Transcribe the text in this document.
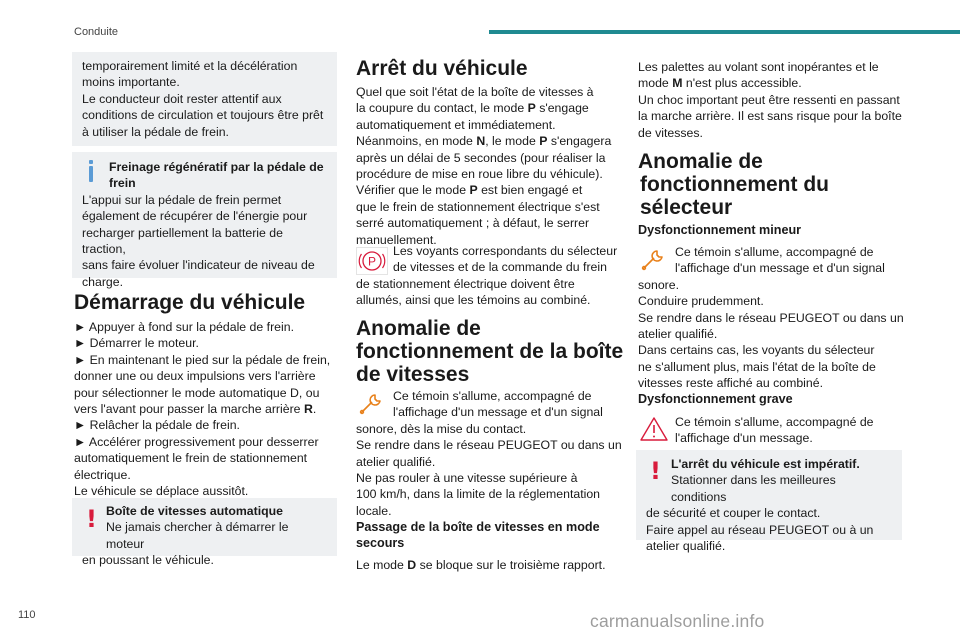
Conduite
110	carmanualsonline.info

temporairement limité et la décélération

moins importante.

Le conducteur doit rester attentif aux

conditions de circulation et toujours être prêt

à utiliser la pédale de frein.

Freinage régénératif par la pédale de

frein

L'appui sur la pédale de frein permet

également de récupérer de l'énergie pour

recharger partiellement la batterie de traction,

sans faire évoluer l'indicateur de niveau de

charge.

Démarrage du véhicule
► Appuyer à fond sur la pédale de frein.
► Démarrer le moteur.
► En maintenant le pied sur la pédale de frein,
donner une ou deux impulsions vers l'arrière
pour sélectionner le mode automatique D, ou
vers l'avant pour passer la marche arrière R.
► Relâcher la pédale de frein.
► Accélérer progressivement pour desserrer
automatiquement le frein de stationnement
électrique.
Le véhicule se déplace aussitôt.
! Boîte de vitesses automatique

Ne jamais chercher à démarrer le moteur

en poussant le véhicule.

Arrêt du véhicule
Quel que soit l'état de la boîte de vitesses à
la coupure du contact, le mode P s'engage
automatiquement et immédiatement.
Néanmoins, en mode N, le mode P s'engagera
après un délai de 5 secondes (pour réaliser la
procédure de mise en roue libre du véhicule).
Vérifier que le mode P est bien engagé et
que le frein de stationnement électrique s'est
serré automatiquement ; à défaut, le serrer
manuellement.
P
Les voyants correspondants du sélecteur
de vitesses et de la commande du frein
de stationnement électrique doivent être
allumés, ainsi que les témoins au combiné.
Anomalie de
fonctionnement de la boîte
de vitesses
Ce témoin s'allume, accompagné de
l'affichage d'un message et d'un signal
sonore, dès la mise du contact.
Se rendre dans le réseau PEUGEOT ou dans un
atelier qualifié.
Ne pas rouler à une vitesse supérieure à
100 km/h, dans la limite de la réglementation
locale.
Passage de la boîte de vitesses en mode
secours
Le mode D se bloque sur le troisième rapport.
Les palettes au volant sont inopérantes et le
mode M n'est plus accessible.
Un choc important peut être ressenti en passant
la marche arrière. Il est sans risque pour la boîte
de vitesses.
Anomalie de
fonctionnement du
sélecteur
Dysfonctionnement mineur
Ce témoin s'allume, accompagné de
l'affichage d'un message et d'un signal
sonore.
Conduire prudemment.
Se rendre dans le réseau PEUGEOT ou dans un
atelier qualifié.
Dans certains cas, les voyants du sélecteur
ne s'allument plus, mais l'état de la boîte de
vitesses reste affiché au combiné.
Dysfonctionnement grave
Ce témoin s'allume, accompagné de
l'affichage d'un message.
! L'arrêt du véhicule est impératif.

Stationner dans les meilleures conditions

de sécurité et couper le contact.

Faire appel au réseau PEUGEOT ou à un

atelier qualifié.
